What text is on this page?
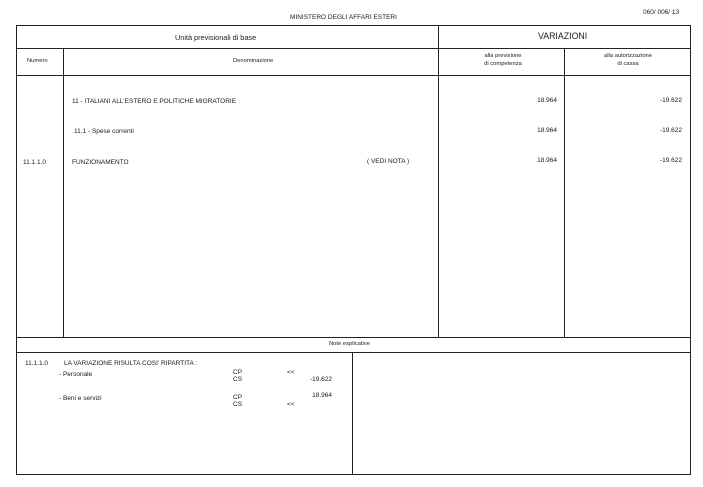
MINISTERO DEGLI AFFARI ESTERI
060/ 006/ 13
Unità previsionali di base	VARIAZIONI
Numero	Denominazione
alla previsione
di competenza
alla autorizzazione
di cassa
11 - ITALIANI ALL'ESTERO E POLITICHE MIGRATORIE	18.964	-19.622
11.1 - Spese correnti	18.964	-19.622
11.1.1.0	FUNZIONAMENTO	( VEDI NOTA )	18.964	-19.622
Note esplicative
11.1.1.0 LA VARIAZIONE RISULTA COSI' RIPARTITA :
- Personale	CP	<<
CS	-19.622
- Beni e servizi	CP	18.964
CS	<<
